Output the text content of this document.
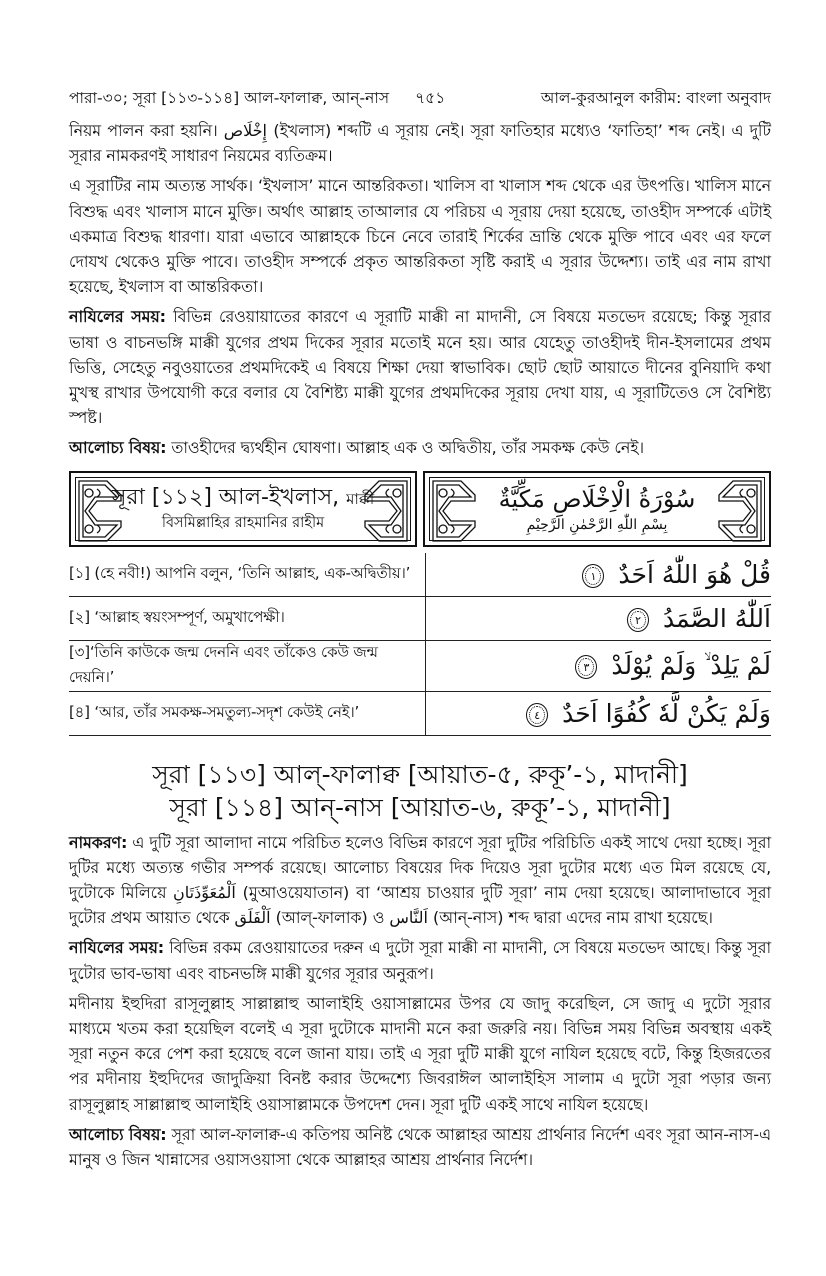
পারা-৩০; সূরা [১১৩-১১৪] আল-ফালাক্ব, আন্-নাস ৭৫১	আল-কুরআনুল কারীম: বাংলা অনুবাদ

নিয়ম পালন করা হয়নি। إِخْلَاص (ইখলাস) শব্দটি এ সূরায় নেই। সূরা ফাতিহার মধ্যেও ‘ফাতিহা’ শব্দ নেই। এ দুটি সূরার নামকরণই সাধারণ নিয়মের ব্যতিক্রম।

এ সূরাটির নাম অত্যন্ত সার্থক। ‘ইখলাস’ মানে আন্তরিকতা। খালিস বা খালাস শব্দ থেকে এর উৎপত্তি। খালিস মানে বিশুদ্ধ এবং খালাস মানে মুক্তি। অর্থাৎ আল্লাহ তাআলার যে পরিচয় এ সূরায় দেয়া হয়েছে, তাওহীদ সম্পর্কে এটাই একমাত্র বিশুদ্ধ ধারণা। যারা এভাবে আল্লাহকে চিনে নেবে তারাই শির্কের ভ্রান্তি থেকে মুক্তি পাবে এবং এর ফলে দোযখ থেকেও মুক্তি পাবে। তাওহীদ সম্পর্কে প্রকৃত আন্তরিকতা সৃষ্টি করাই এ সূরার উদ্দেশ্য। তাই এর নাম রাখা হয়েছে, ইখলাস বা আন্তরিকতা।

নাযিলের সময়: বিভিন্ন রেওয়ায়াতের কারণে এ সূরাটি মাক্কী না মাদানী, সে বিষয়ে মতভেদ রয়েছে; কিন্তু সূরার ভাষা ও বাচনভঙ্গি মাক্কী যুগের প্রথম দিকের সূরার মতোই মনে হয়। আর যেহেতু তাওহীদই দীন-ইসলামের প্রথম ভিত্তি, সেহেতু নবুওয়াতের প্রথমদিকেই এ বিষয়ে শিক্ষা দেয়া স্বাভাবিক। ছোট ছোট আয়াতে দীনের বুনিয়াদি কথা মুখস্থ রাখার উপযোগী করে বলার যে বৈশিষ্ট্য মাক্কী যুগের প্রথমদিকের সূরায় দেখা যায়, এ সূরাটিতেও সে বৈশিষ্ট্য স্পষ্ট।

আলোচ্য বিষয়: তাওহীদের দ্ব্যর্থহীন ঘোষণা। আল্লাহ এক ও অদ্বিতীয়, তাঁর সমকক্ষ কেউ নেই।

সূরা [১১২] আল-ইখলাস, মাক্কী
বিসমিল্লাহির রাহমানির রাহীম
سُوْرَةُ الْاِخْلَاصِ مَكِّيَّةٌ
بِسْمِ اللّٰهِ الرَّحْمٰنِ الرَّحِيْمِ
[১] (হে নবী!) আপনি বলুন, ‘তিনি আল্লাহ, এক-অদ্বিতীয়।’	قُلْ هُوَ اللّٰهُ اَحَدٌ ١
[২] ‘আল্লাহ স্বয়ংসম্পূর্ণ, অমুখাপেক্ষী।	اَللّٰهُ الصَّمَدُ ٢
[৩]‘তিনি কাউকে জন্ম দেননি এবং তাঁকেও কেউ জন্ম দেয়নি।’	لَمْ يَلِدْ ۙ وَلَمْ يُوْلَدْ ٣
[৪] ‘আর, তাঁর সমকক্ষ-সমতুল্য-সদৃশ কেউই নেই।’	وَلَمْ يَكُنْ لَّهٗ كُفُوًا اَحَدٌ ٤
সূরা [১১৩] আল্-ফালাক্ব [আয়াত-৫, রুকূ’-১, মাদানী]
সূরা [১১৪] আন্-নাস [আয়াত-৬, রুকূ’-১, মাদানী]

নামকরণ: এ দুটি সূরা আলাদা নামে পরিচিত হলেও বিভিন্ন কারণে সূরা দুটির পরিচিতি একই সাথে দেয়া হচ্ছে। সূরা দুটির মধ্যে অত্যন্ত গভীর সম্পর্ক রয়েছে। আলোচ্য বিষয়ের দিক দিয়েও সূরা দুটোর মধ্যে এত মিল রয়েছে যে, দুটোকে মিলিয়ে اَلْمُعَوِّذَتَانِ (মুআওয়েযাতান) বা ‘আশ্রয় চাওয়ার দুটি সূরা’ নাম দেয়া হয়েছে। আলাদাভাবে সূরা দুটোর প্রথম আয়াত থেকে اَلْفَلَق (আল্-ফালাক) ও اَلنَّاس (আন্-নাস) শব্দ দ্বারা এদের নাম রাখা হয়েছে।

নাযিলের সময়: বিভিন্ন রকম রেওয়ায়াতের দরুন এ দুটো সূরা মাক্কী না মাদানী, সে বিষয়ে মতভেদ আছে। কিন্তু সূরা দুটোর ভাব-ভাষা এবং বাচনভঙ্গি মাক্কী যুগের সূরার অনুরূপ।

মদীনায় ইহুদিরা রাসূলুল্লাহ সাল্লাল্লাহু আলাইহি ওয়াসাল্লামের উপর যে জাদু করেছিল, সে জাদু এ দুটো সূরার মাধ্যমে খতম করা হয়েছিল বলেই এ সূরা দুটোকে মাদানী মনে করা জরুরি নয়। বিভিন্ন সময় বিভিন্ন অবস্থায় একই সূরা নতুন করে পেশ করা হয়েছে বলে জানা যায়। তাই এ সূরা দুটি মাক্কী যুগে নাযিল হয়েছে বটে, কিন্তু হিজরতের পর মদীনায় ইহুদিদের জাদুক্রিয়া বিনষ্ট করার উদ্দেশ্যে জিবরাঈল আলাইহিস সালাম এ দুটো সূরা পড়ার জন্য রাসূলুল্লাহ সাল্লাল্লাহু আলাইহি ওয়াসাল্লামকে উপদেশ দেন। সূরা দুটি একই সাথে নাযিল হয়েছে।

আলোচ্য বিষয়: সূরা আল-ফালাক্ব-এ কতিপয় অনিষ্ট থেকে আল্লাহর আশ্রয় প্রার্থনার নির্দেশ এবং সূরা আন-নাস-এ মানুষ ও জিন খান্নাসের ওয়াসওয়াসা থেকে আল্লাহর আশ্রয় প্রার্থনার নির্দেশ।
